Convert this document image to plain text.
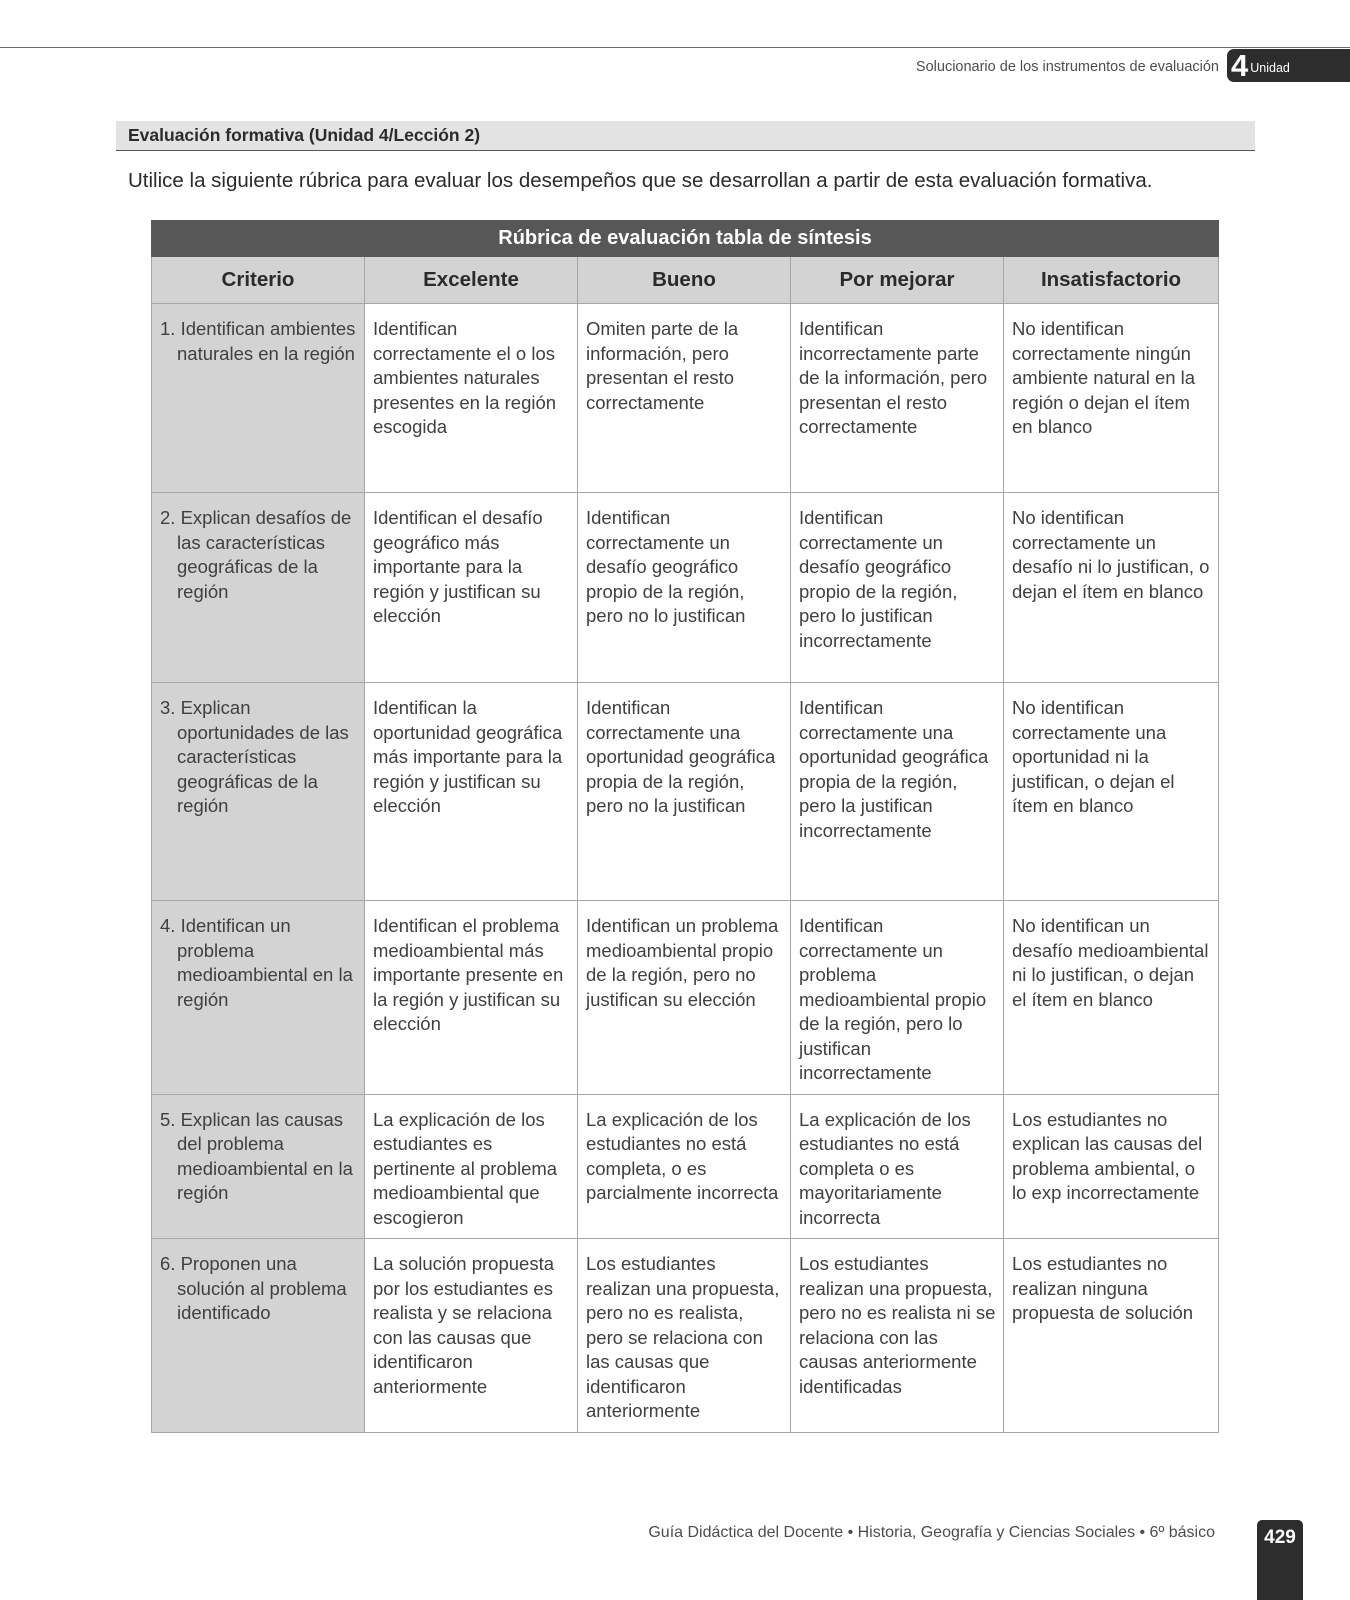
Solucionario de los instrumentos de evaluación 4 Unidad
Evaluación formativa (Unidad 4/Lección 2)

Utilice la siguiente rúbrica para evaluar los desempeños que se desarrollan a partir de esta evaluación formativa.

Rúbrica de evaluación tabla de síntesis				
Criterio	Excelente	Bueno	Por mejorar	Insatisfactorio

1. Identifican ambientes naturales en la región	Identifican correctamente el o los ambientes naturales presentes en la región escogida	Omiten parte de la información, pero presentan el resto correctamente	Identifican incorrectamente parte de la información, pero presentan el resto correctamente	No identifican correctamente ningún ambiente natural en la región o dejan el ítem en blanco

2. Explican desafíos de las características geográficas de la región	Identifican el desafío geográfico más importante para la región y justifican su elección	Identifican correctamente un desafío geográfico propio de la región, pero no lo justifican	Identifican correctamente un desafío geográfico propio de la región, pero lo justifican incorrectamente	No identifican correctamente un desafío ni lo justifican, o dejan el ítem en blanco

3. Explican oportunidades de las características geográficas de la región	Identifican la oportunidad geográfica más importante para la región y justifican su elección	Identifican correctamente una oportunidad geográfica propia de la región, pero no la justifican	Identifican correctamente una oportunidad geográfica propia de la región, pero la justifican incorrectamente	No identifican correctamente una oportunidad ni la justifican, o dejan el ítem en blanco

4. Identifican un problema medioambiental en la región	Identifican el problema medioambiental más importante presente en la región y justifican su elección	Identifican un problema medioambiental propio de la región, pero no justifican su elección	Identifican correctamente un problema medioambiental propio de la región, pero lo justifican incorrectamente	No identifican un desafío medioambiental ni lo justifican, o dejan el ítem en blanco

5. Explican las causas del problema medioambiental en la región	La explicación de los estudiantes es pertinente al problema medioambiental que escogieron	La explicación de los estudiantes no está completa, o es parcialmente incorrecta	La explicación de los estudiantes no está completa o es mayoritariamente incorrecta	Los estudiantes no explican las causas del problema ambiental, o lo exp incorrectamente

6. Proponen una solución al problema identificado	La solución propuesta por los estudiantes es realista y se relaciona con las causas que identificaron anteriormente	Los estudiantes realizan una propuesta, pero no es realista, pero se relaciona con las causas que identificaron anteriormente	Los estudiantes realizan una propuesta, pero no es realista ni se relaciona con las causas anteriormente identificadas	Los estudiantes no realizan ninguna propuesta de solución
Guía Didáctica del Docente • Historia, Geografía y Ciencias Sociales • 6º básico	429
